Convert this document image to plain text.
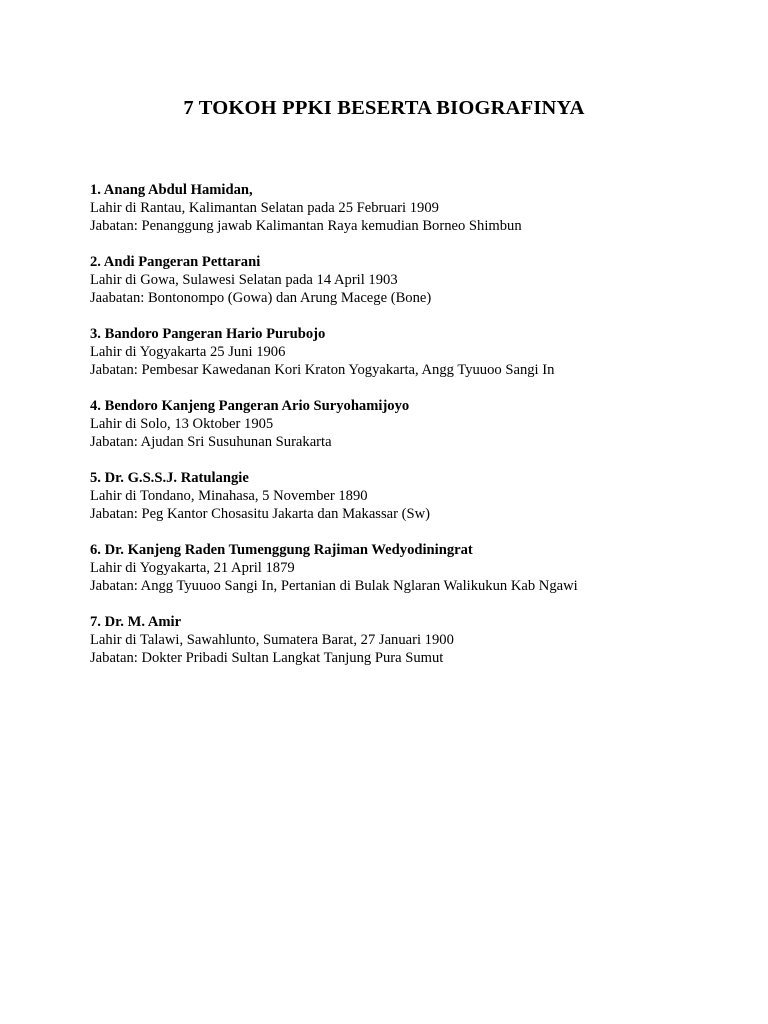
7 TOKOH PPKI BESERTA BIOGRAFINYA
1. Anang Abdul Hamidan,
Lahir di Rantau, Kalimantan Selatan pada 25 Februari 1909
Jabatan: Penanggung jawab Kalimantan Raya kemudian Borneo Shimbun
2. Andi Pangeran Pettarani
Lahir di Gowa, Sulawesi Selatan pada 14 April 1903
Jaabatan: Bontonompo (Gowa) dan Arung Macege (Bone)
3. Bandoro Pangeran Hario Purubojo
Lahir di Yogyakarta 25 Juni 1906
Jabatan: Pembesar Kawedanan Kori Kraton Yogyakarta, Angg Tyuuoo Sangi In
4. Bendoro Kanjeng Pangeran Ario Suryohamijoyo
Lahir di Solo, 13 Oktober 1905
Jabatan: Ajudan Sri Susuhunan Surakarta
5. Dr. G.S.S.J. Ratulangie
Lahir di Tondano, Minahasa, 5 November 1890
Jabatan: Peg Kantor Chosasitu Jakarta dan Makassar (Sw)
6. Dr. Kanjeng Raden Tumenggung Rajiman Wedyodiningrat
Lahir di Yogyakarta, 21 April 1879
Jabatan: Angg Tyuuoo Sangi In, Pertanian di Bulak Nglaran Walikukun Kab Ngawi
7. Dr. M. Amir
Lahir di Talawi, Sawahlunto, Sumatera Barat, 27 Januari 1900
Jabatan: Dokter Pribadi Sultan Langkat Tanjung Pura Sumut
